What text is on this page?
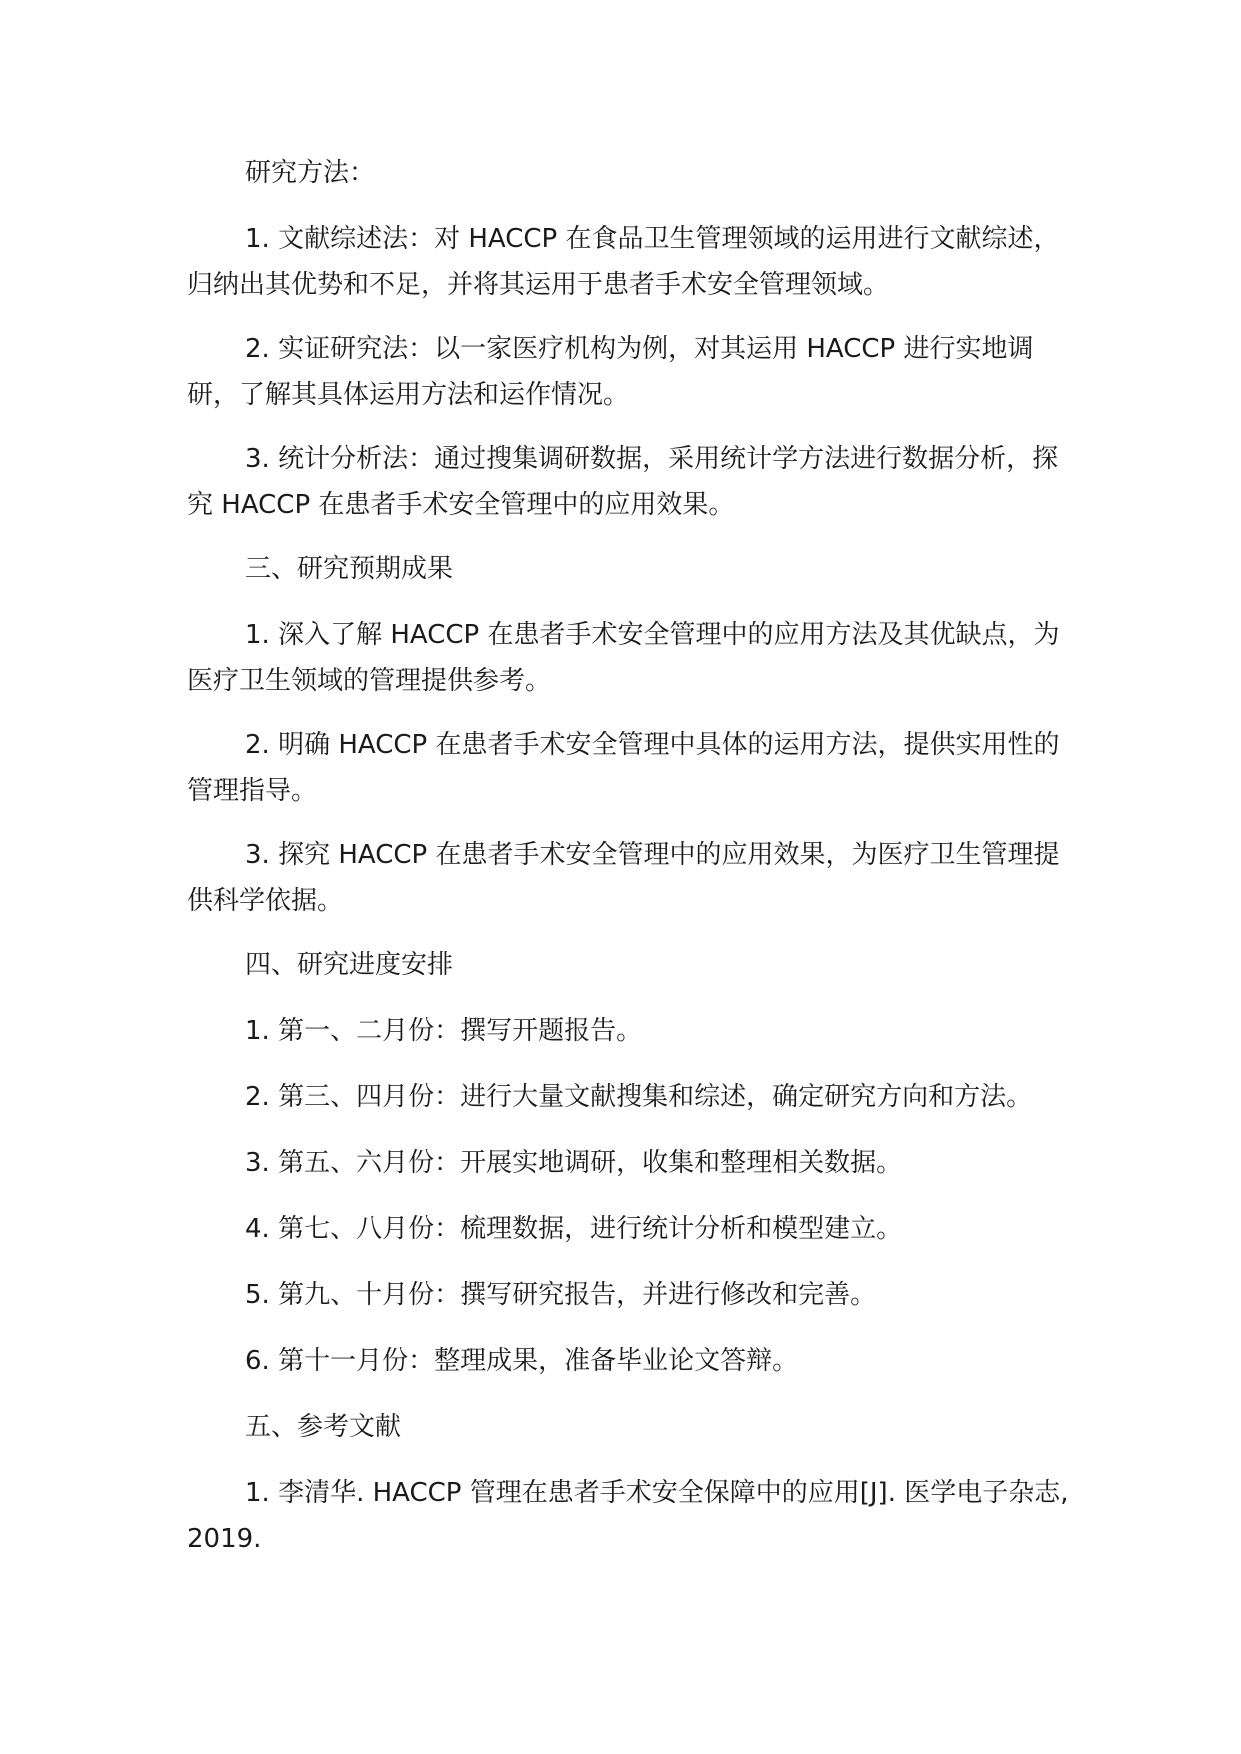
研究方法：

1. 文献综述法：对 HACCP 在食品卫生管理领域的运用进行文献综述，归纳出其优势和不足，并将其运用于患者手术安全管理领域。

2. 实证研究法：以一家医疗机构为例，对其运用 HACCP 进行实地调研，了解其具体运用方法和运作情况。

3. 统计分析法：通过搜集调研数据，采用统计学方法进行数据分析，探究 HACCP 在患者手术安全管理中的应用效果。

三、研究预期成果

1. 深入了解 HACCP 在患者手术安全管理中的应用方法及其优缺点，为医疗卫生领域的管理提供参考。

2. 明确 HACCP 在患者手术安全管理中具体的运用方法，提供实用性的管理指导。

3. 探究 HACCP 在患者手术安全管理中的应用效果，为医疗卫生管理提供科学依据。

四、研究进度安排

1. 第一、二月份：撰写开题报告。

2. 第三、四月份：进行大量文献搜集和综述，确定研究方向和方法。

3. 第五、六月份：开展实地调研，收集和整理相关数据。

4. 第七、八月份：梳理数据，进行统计分析和模型建立。

5. 第九、十月份：撰写研究报告，并进行修改和完善。

6. 第十一月份：整理成果，准备毕业论文答辩。

五、参考文献

1. 李清华. HACCP 管理在患者手术安全保障中的应用[J]. 医学电子杂志, 2019.
